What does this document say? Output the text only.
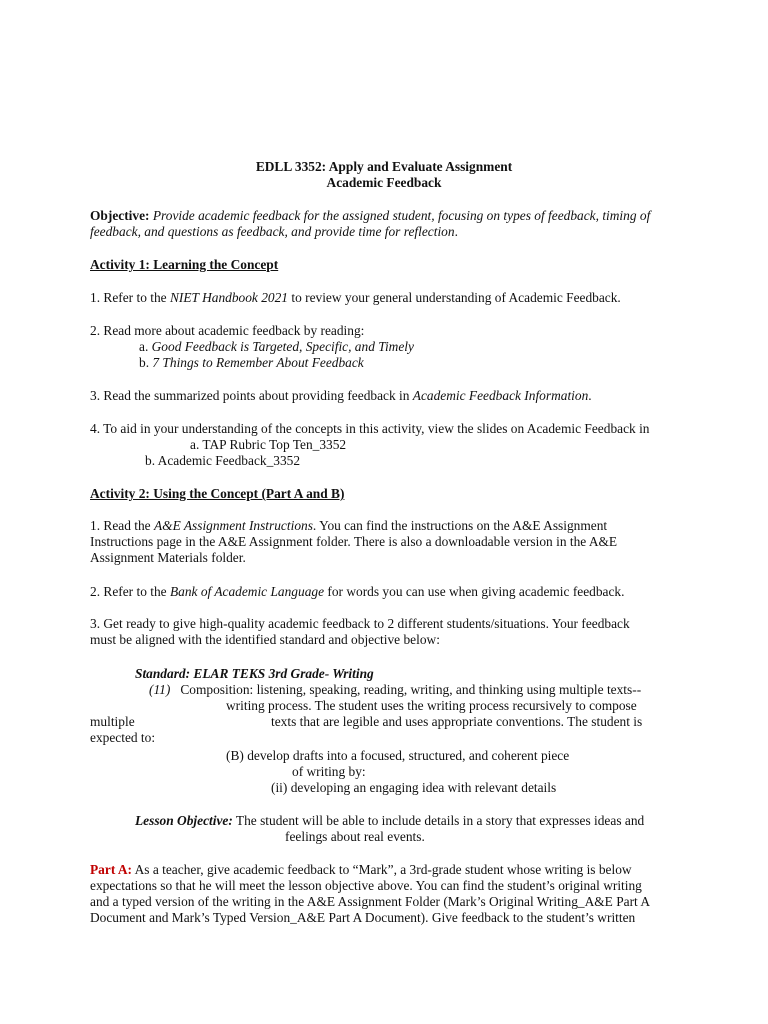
EDLL 3352: Apply and Evaluate Assignment
Academic Feedback
Objective: Provide academic feedback for the assigned student, focusing on types of feedback, timing of
feedback, and questions as feedback, and provide time for reflection.
Activity 1: Learning the Concept
1. Refer to the NIET Handbook 2021 to review your general understanding of Academic Feedback.
2. Read more about academic feedback by reading:
a. Good Feedback is Targeted, Specific, and Timely
b. 7 Things to Remember About Feedback
3. Read the summarized points about providing feedback in Academic Feedback Information.
4. To aid in your understanding of the concepts in this activity, view the slides on Academic Feedback in
a. TAP Rubric Top Ten_3352
b. Academic Feedback_3352
Activity 2: Using the Concept (Part A and B)
1. Read the A&E Assignment Instructions. You can find the instructions on the A&E Assignment
Instructions page in the A&E Assignment folder. There is also a downloadable version in the A&E
Assignment Materials folder.
2. Refer to the Bank of Academic Language for words you can use when giving academic feedback.
3. Get ready to give high-quality academic feedback to 2 different students/situations. Your feedback
must be aligned with the identified standard and objective below:
Standard: ELAR TEKS 3rd Grade- Writing
(11) Composition: listening, speaking, reading, writing, and thinking using multiple texts--
writing process. The student uses the writing process recursively to compose
multiple	texts that are legible and uses appropriate conventions. The student is
expected to:
(B) develop drafts into a focused, structured, and coherent piece
of writing by:
(ii) developing an engaging idea with relevant details
Lesson Objective: The student will be able to include details in a story that expresses ideas and
feelings about real events.
Part A: As a teacher, give academic feedback to “Mark”, a 3rd-grade student whose writing is below
expectations so that he will meet the lesson objective above. You can find the student’s original writing
and a typed version of the writing in the A&E Assignment Folder (Mark’s Original Writing_A&E Part A
Document and Mark’s Typed Version_A&E Part A Document). Give feedback to the student’s written
